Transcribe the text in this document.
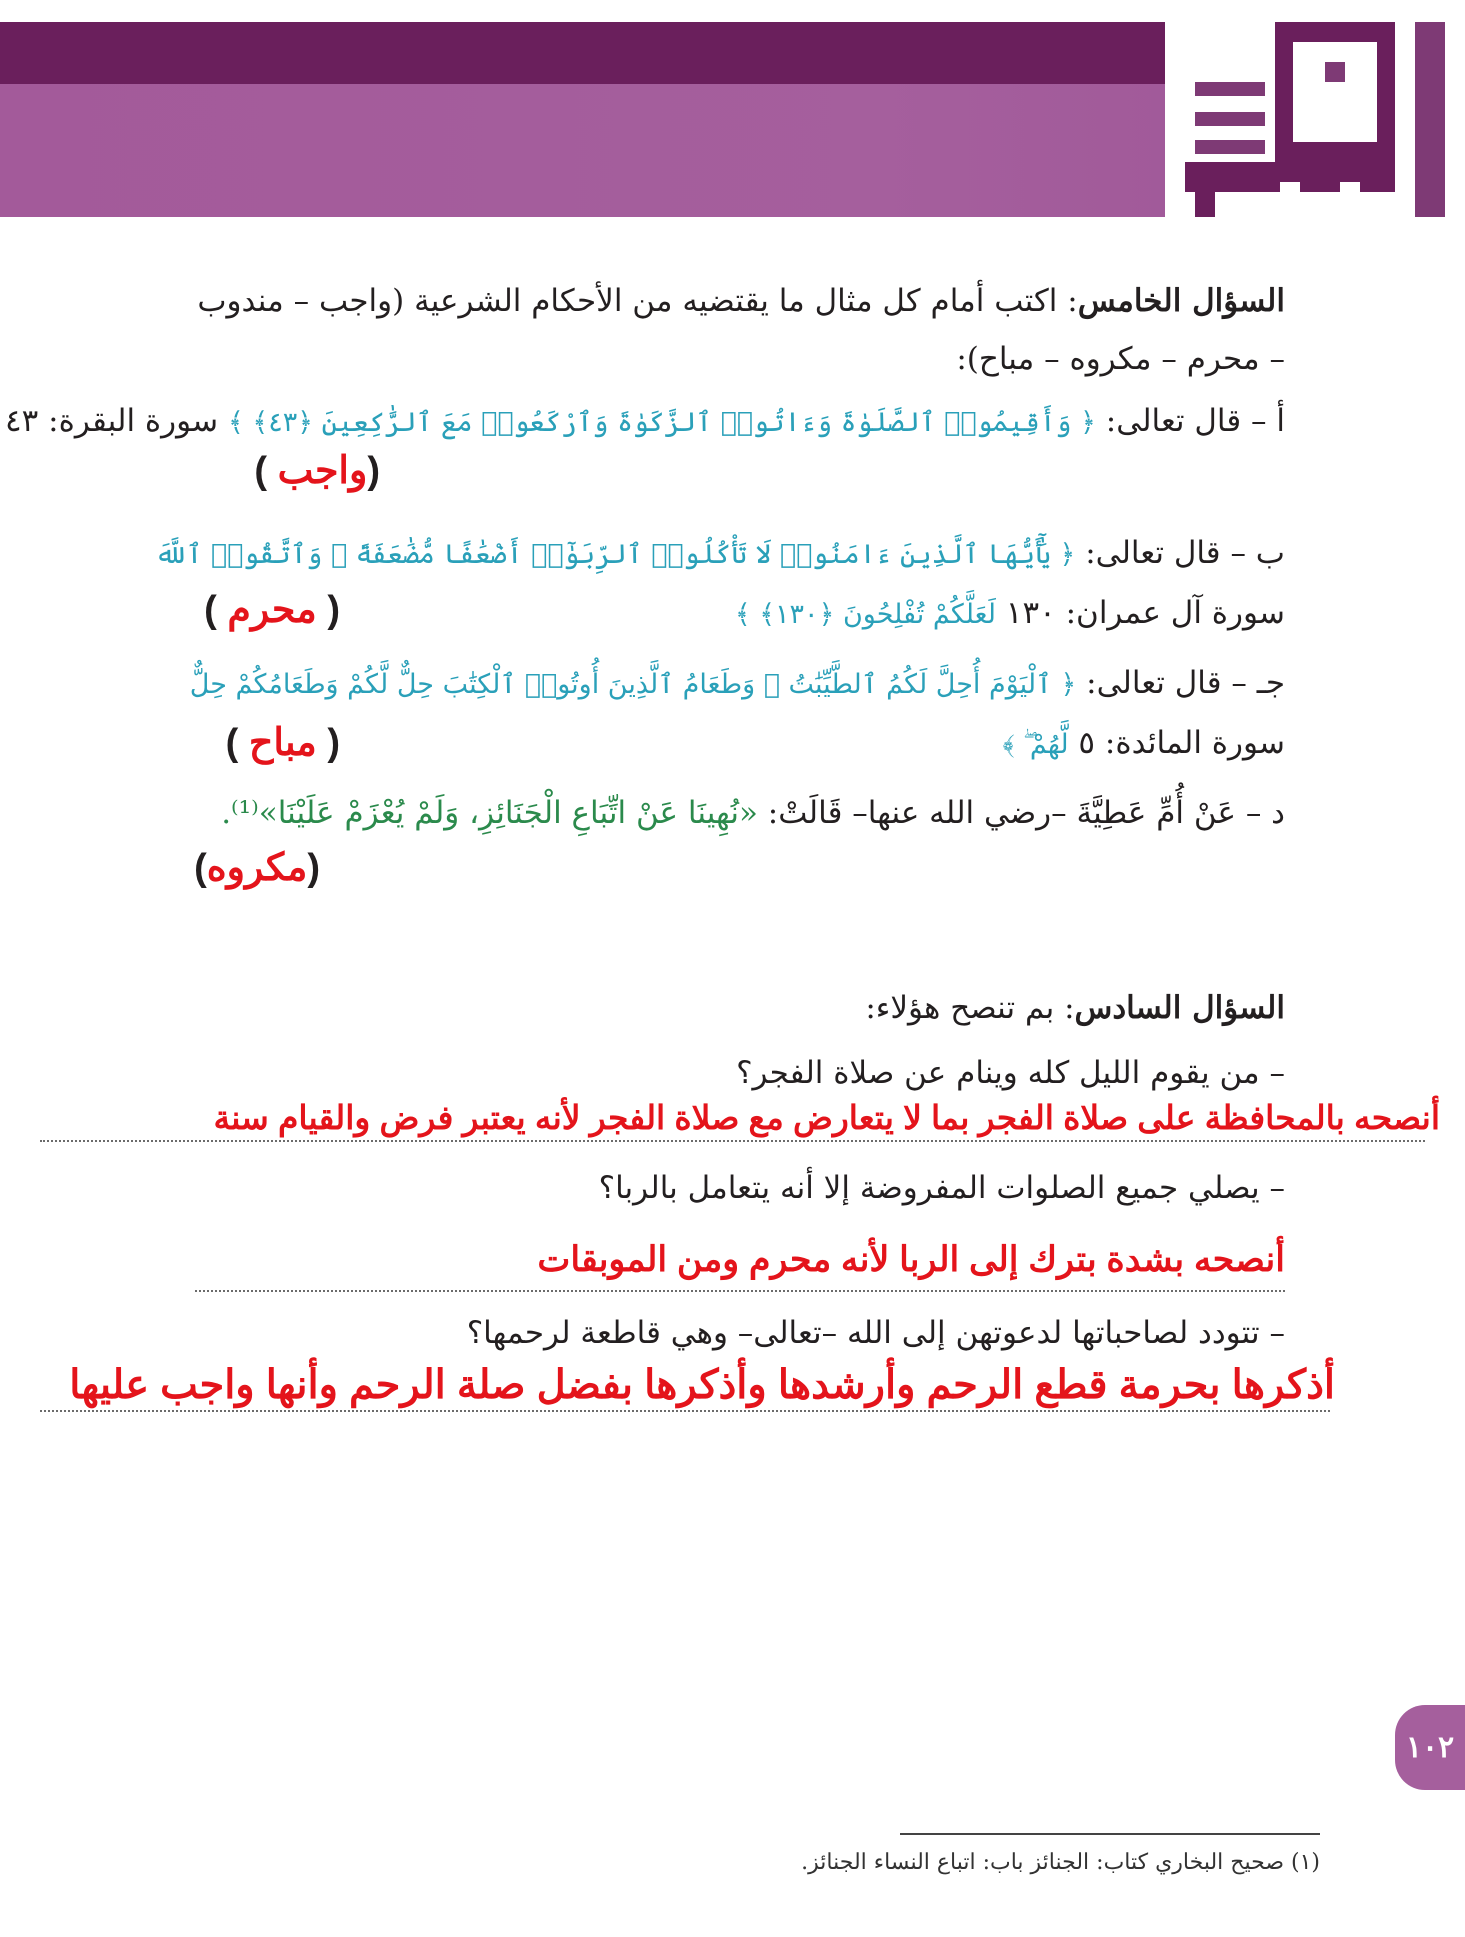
السؤال الخامس: اكتب أمام كل مثال ما يقتضيه من الأحكام الشرعية (واجب – مندوب
– محرم – مكروه – مباح):
أ – قال تعالى: ﴿ وَأَقِيمُوا۟ ٱلصَّلَوٰةَ وَءَاتُوا۟ ٱلزَّكَوٰةَ وَٱرْكَعُوا۟ مَعَ ٱلرَّٰكِعِينَ ﴿٤٣﴾ ﴾ سورة البقرة: ٤٣
(واجب )
ب – قال تعالى: ﴿ يَٰٓأَيُّهَا ٱلَّذِينَ ءَامَنُوا۟ لَا تَأْكُلُوا۟ ٱلرِّبَوٰٓا۟ أَضْعَٰفًا مُّضَٰعَفَةً ۖ وَٱتَّقُوا۟ ٱللَّهَ
سورة آل عمران: ١٣٠ لَعَلَّكُمْ تُفْلِحُونَ ﴿١٣٠﴾ ﴾
( محرم )
جـ – قال تعالى: ﴿ ٱلْيَوْمَ أُحِلَّ لَكُمُ ٱلطَّيِّبَٰتُ ۖ وَطَعَامُ ٱلَّذِينَ أُوتُوا۟ ٱلْكِتَٰبَ حِلٌّ لَّكُمْ وَطَعَامُكُمْ حِلٌّ
سورة المائدة: ٥ لَّهُمْ ۖ ﴾
( مباح )
د – عَنْ أُمِّ عَطِيَّةَ –رضي الله عنها– قَالَتْ: «نُهِينَا عَنْ اتِّبَاعِ الْجَنَائِزِ، وَلَمْ يُعْزَمْ عَلَيْنَا»⁽¹⁾.
(مكروه)
السؤال السادس: بم تنصح هؤلاء:
– من يقوم الليل كله وينام عن صلاة الفجر؟
أنصحه بالمحافظة على صلاة الفجر بما لا يتعارض مع صلاة الفجر لأنه يعتبر فرض والقيام سنة
– يصلي جميع الصلوات المفروضة إلا أنه يتعامل بالربا؟
أنصحه بشدة بترك إلى الربا لأنه محرم ومن الموبقات
– تتودد لصاحباتها لدعوتهن إلى الله –تعالى– وهي قاطعة لرحمها؟
أذكرها بحرمة قطع الرحم وأرشدها وأذكرها بفضل صلة الرحم وأنها واجب عليها
١٠٢
(١) صحيح البخاري كتاب: الجنائز باب: اتباع النساء الجنائز.
